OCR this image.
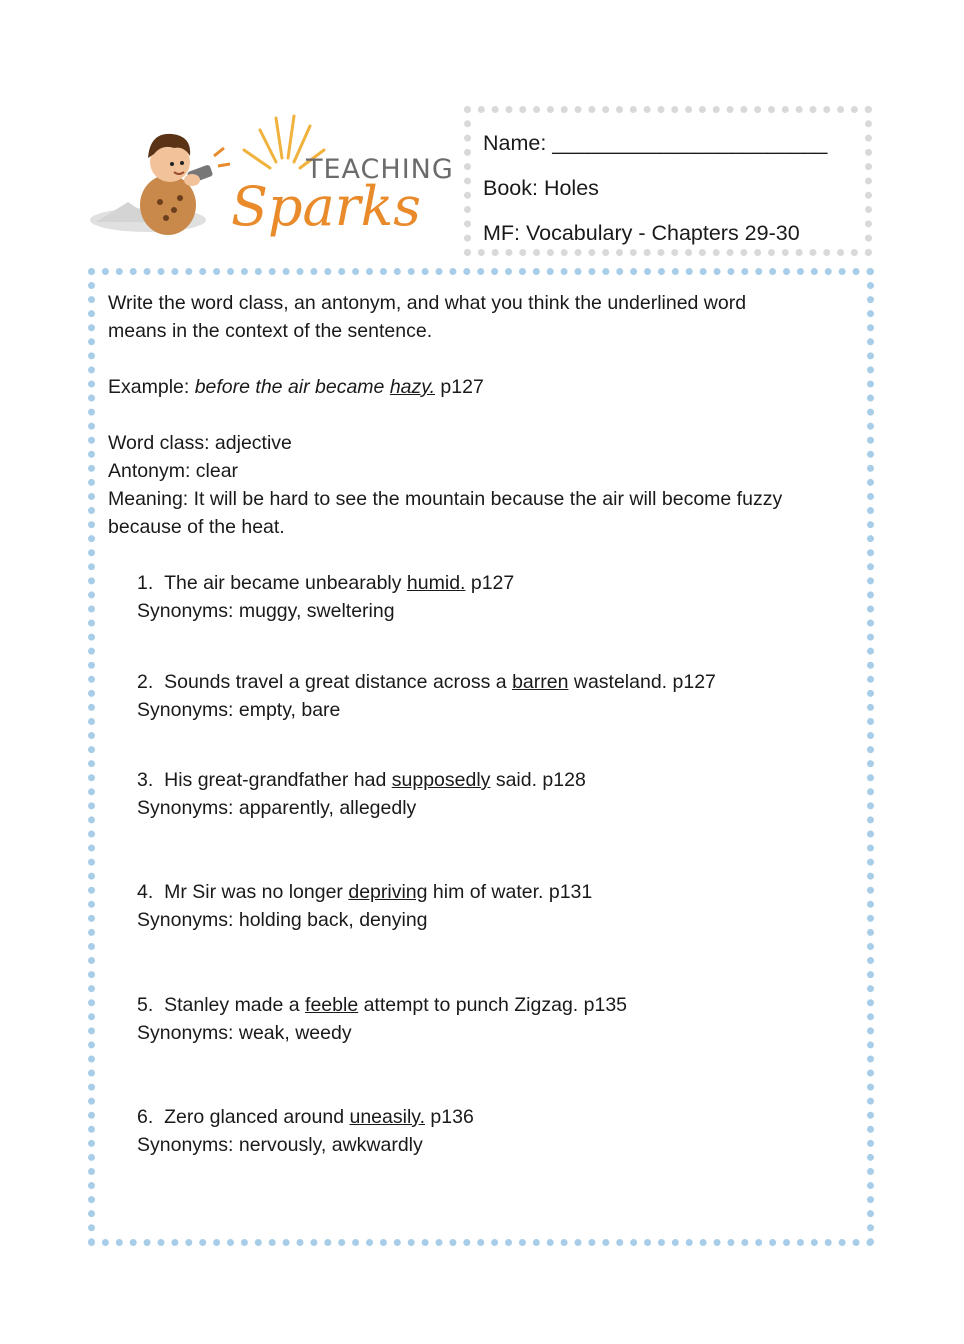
TEACHING
Sparks
Name: _______________________
Book: Holes
MF: Vocabulary - Chapters 29-30
Write the word class, an antonym, and what you think the underlined word
means in the context of the sentence.
Example: before the air became hazy. p127
Word class: adjective
Antonym: clear
Meaning: It will be hard to see the mountain because the air will become fuzzy
because of the heat.
1. The air became unbearably humid. p127
Synonyms: muggy, sweltering
2. Sounds travel a great distance across a barren wasteland. p127
Synonyms: empty, bare
3. His great-grandfather had supposedly said. p128
Synonyms: apparently, allegedly
4. Mr Sir was no longer depriving him of water. p131
Synonyms: holding back, denying
5. Stanley made a feeble attempt to punch Zigzag. p135
Synonyms: weak, weedy
6. Zero glanced around uneasily. p136
Synonyms: nervously, awkwardly
